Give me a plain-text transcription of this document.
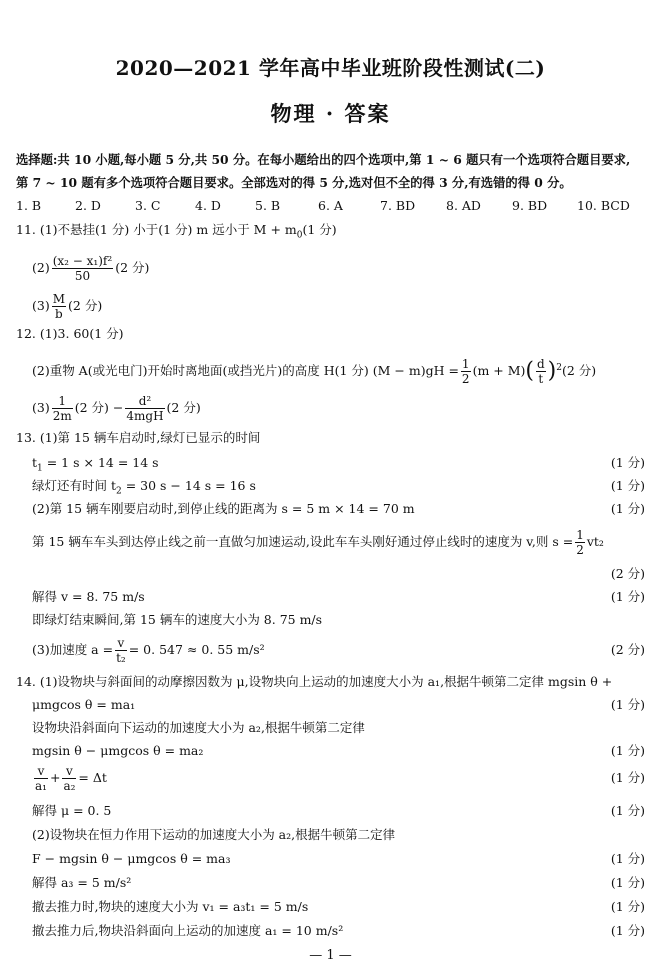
2020—2021 学年高中毕业班阶段性测试(二)
物理 · 答案
选择题:共 10 小题,每小题 5 分,共 50 分。在每小题给出的四个选项中,第 1 ~ 6 题只有一个选项符合题目要求,
第 7 ~ 10 题有多个选项符合题目要求。全部选对的得 5 分,选对但不全的得 3 分,有选错的得 0 分。
1. B	2. D	3. C	4. D	5. B	6. A	7. BD 8. AD 9. BD 10. BCD
11. (1)不悬挂(1 分) 小于(1 分) m 远小于 $M + m_0(1$ 分)
$(2) \frac{\text{(x₂ − x₁)f²}}{50} (2$ 分)
$(3) \frac{M}{b} (2$ 分)
12. (1)3. 60(1 分)
(2)重物 A(或光电门)开始时离地面(或挡光片)的高度 H(1 分) $(M - m)gH = \frac{1}{2} (m + M)( \frac{d}{t} )^2(2$ 分)
$(3) \frac{1}{2m} (2$ 分) − $\frac{\text{d²}}{\text{4mgH}} (2$ 分)
13. (1)第 15 辆车启动时,绿灯已显示的时间
$t_1 = 1$ s × 14 = 14 s	(1 分)
绿灯还有时间 $t_2 = 30$ s − 14 s = 16 s	(1 分)
(2)第 15 辆车刚要启动时,到停止线的距离为 s = 5 m × 14 = 70 m	(1 分)
第 15 辆车车头到达停止线之前一直做匀加速运动,设此车车头刚好通过停止线时的速度为 v,则 $s = \frac{1}{2} vt_2$
(2 分)
解得 v = 8. 75 m/s	(1 分)
即绿灯结束瞬间,第 15 辆车的速度大小为 8. 75 m/s
(3)加速度 $a = \frac{v}{\text{t₂}} = 0$. 547 ≈ 0. 55 m/s²	(2 分)
14. (1)设物块与斜面间的动摩擦因数为 μ,设物块向上运动的加速度大小为 a₁,根据牛顿第二定律 mgsin θ +
μmgcos θ = ma₁	(1 分)
设物块沿斜面向下运动的加速度大小为 a₂,根据牛顿第二定律
mgsin θ − μmgcos θ = ma₂	(1 分)
$\frac{v}{\text{a₁}} + \frac{v}{\text{a₂}} = \Delta t$	(1 分)
解得 μ = 0. 5	(1 分)
(2)设物块在恒力作用下运动的加速度大小为 a₂,根据牛顿第二定律
F − mgsin θ − μmgcos θ = ma₃	(1 分)
解得 a₃ = 5 m/s²	(1 分)
撤去推力时,物块的速度大小为 v₁ = a₃t₁ = 5 m/s	(1 分)
撤去推力后,物块沿斜面向上运动的加速度 a₁ = 10 m/s²	(1 分)
— 1 —
